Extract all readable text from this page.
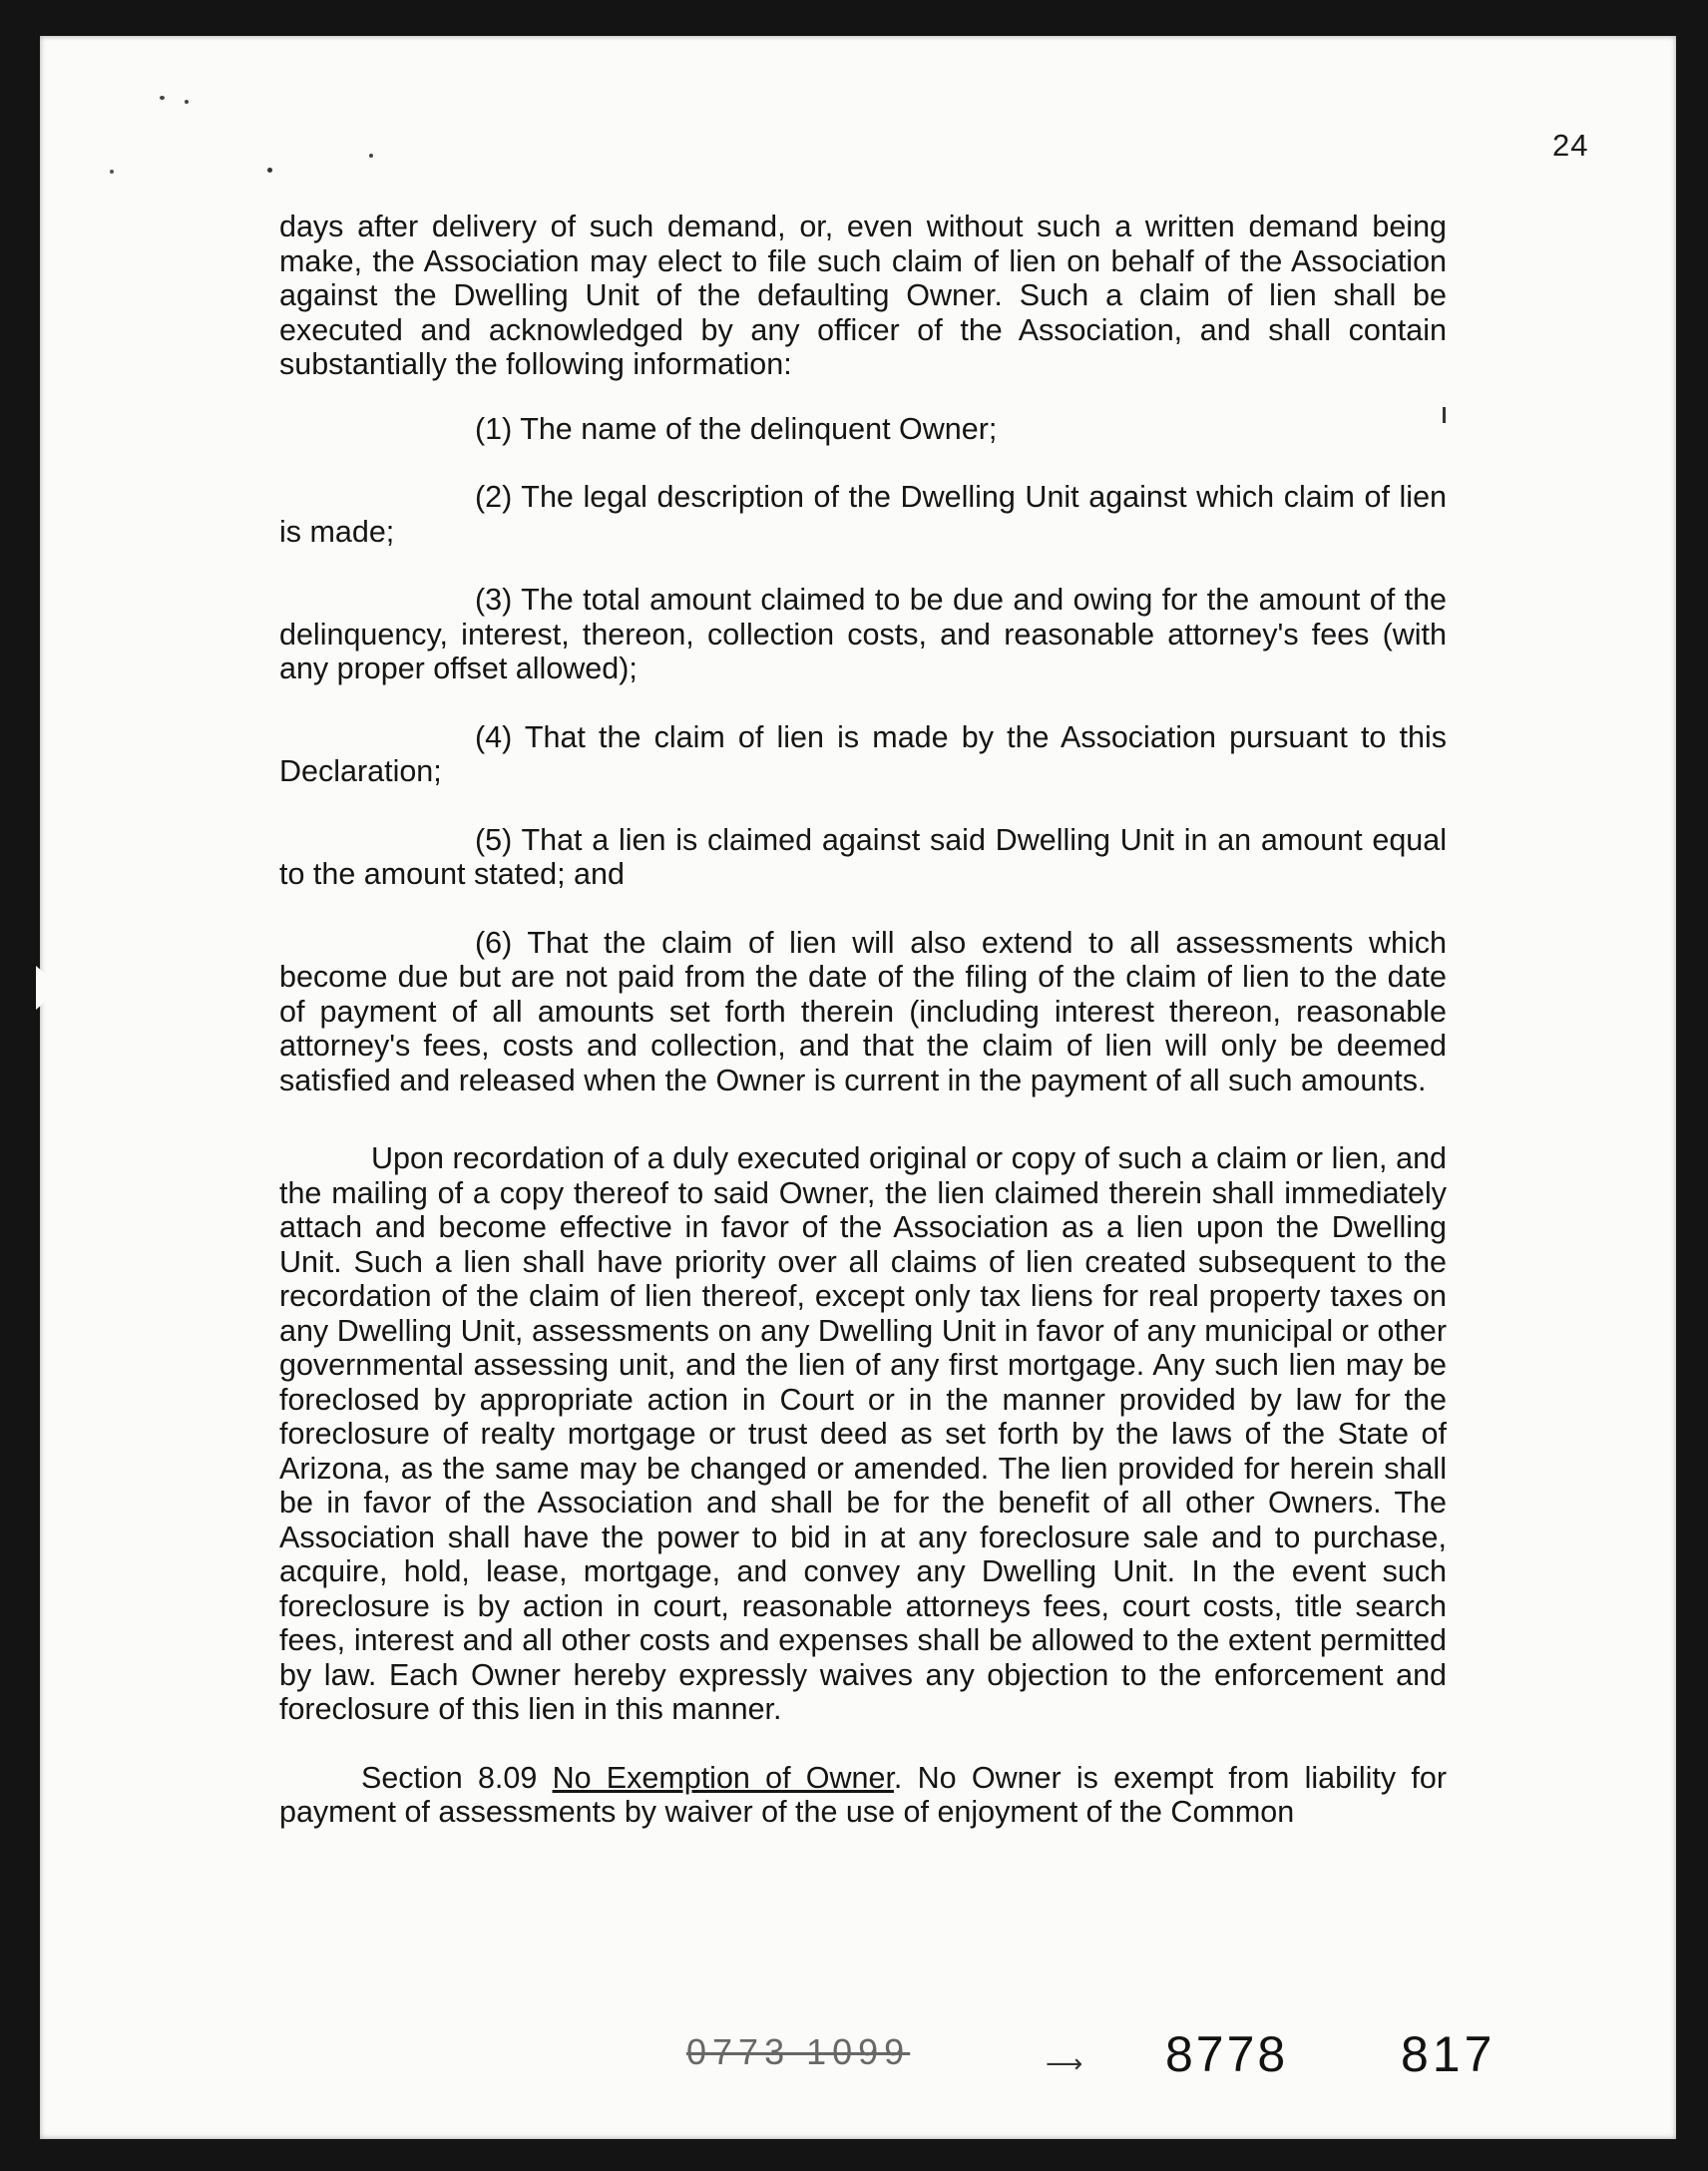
24

days after delivery of such demand, or, even without such a written demand being make, the Association may elect to file such claim of lien on behalf of the Association against the Dwelling Unit of the defaulting Owner. Such a claim of lien shall be executed and acknowledged by any officer of the Association, and shall contain substantially the following information:

(1) The name of the delinquent Owner;

(2) The legal description of the Dwelling Unit against which claim of lien is made;

(3) The total amount claimed to be due and owing for the amount of the delinquency, interest, thereon, collection costs, and reasonable attorney's fees (with any proper offset allowed);

(4) That the claim of lien is made by the Association pursuant to this Declaration;

(5) That a lien is claimed against said Dwelling Unit in an amount equal to the amount stated; and

(6) That the claim of lien will also extend to all assessments which become due but are not paid from the date of the filing of the claim of lien to the date of payment of all amounts set forth therein (including interest thereon, reasonable attorney's fees, costs and collection, and that the claim of lien will only be deemed satisfied and released when the Owner is current in the payment of all such amounts.

Upon recordation of a duly executed original or copy of such a claim or lien, and the mailing of a copy thereof to said Owner, the lien claimed therein shall immediately attach and become effective in favor of the Association as a lien upon the Dwelling Unit. Such a lien shall have priority over all claims of lien created subsequent to the recordation of the claim of lien thereof, except only tax liens for real property taxes on any Dwelling Unit, assessments on any Dwelling Unit in favor of any municipal or other governmental assessing unit, and the lien of any first mortgage. Any such lien may be foreclosed by appropriate action in Court or in the manner provided by law for the foreclosure of realty mortgage or trust deed as set forth by the laws of the State of Arizona, as the same may be changed or amended. The lien provided for herein shall be in favor of the Association and shall be for the benefit of all other Owners. The Association shall have the power to bid in at any foreclosure sale and to purchase, acquire, hold, lease, mortgage, and convey any Dwelling Unit. In the event such foreclosure is by action in court, reasonable attorneys fees, court costs, title search fees, interest and all other costs and expenses shall be allowed to the extent permitted by law. Each Owner hereby expressly waives any objection to the enforcement and foreclosure of this lien in this manner.

Section 8.09 No Exemption of Owner. No Owner is exempt from liability for payment of assessments by waiver of the use of enjoyment of the Common

0773 1099	⟶ 8778 817
